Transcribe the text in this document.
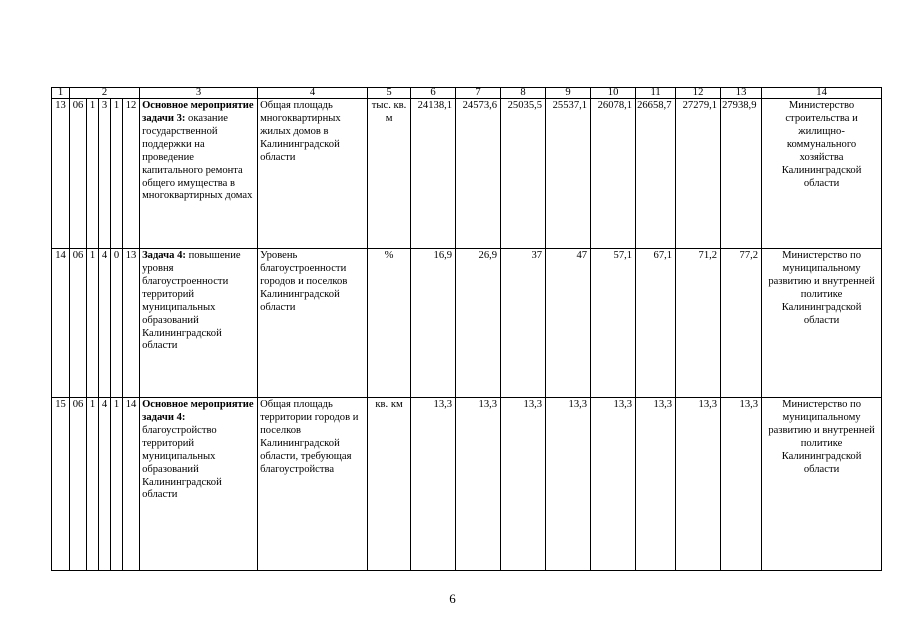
1	2					3	4	5	6	7	8	9	10	11	12	13	14
13	06	1	3	1	12	Основное мероприятие задачи 3: оказание государственной поддержки на проведение капитального ремонта общего имущества в многоквартирных домах	Общая площадь многоквартирных жилых домов в Калининградской области	тыс. кв. м	24138,1	24573,6	25035,5	25537,1	26078,1	26658,7	27279,1	27938,9	Министерство строительства и жилищно-коммунального хозяйства Калининградской области
14	06	1	4	0	13	Задача 4: повышение уровня благоустроенности территорий муниципальных образований Калининградской области	Уровень благоустроенности городов и поселков Калининградской области	%	16,9	26,9	37	47	57,1	67,1	71,2	77,2	Министерство по муниципальному развитию и внутренней политике Калининградской области
15	06	1	4	1	14	Основное мероприятие задачи 4: благоустройство территорий муниципальных образований Калининградской области	Общая площадь территории городов и поселков Калининградской области, требующая благоустройства	кв. км	13,3	13,3	13,3	13,3	13,3	13,3	13,3	13,3	Министерство по муниципальному развитию и внутренней политике Калининградской области
6
